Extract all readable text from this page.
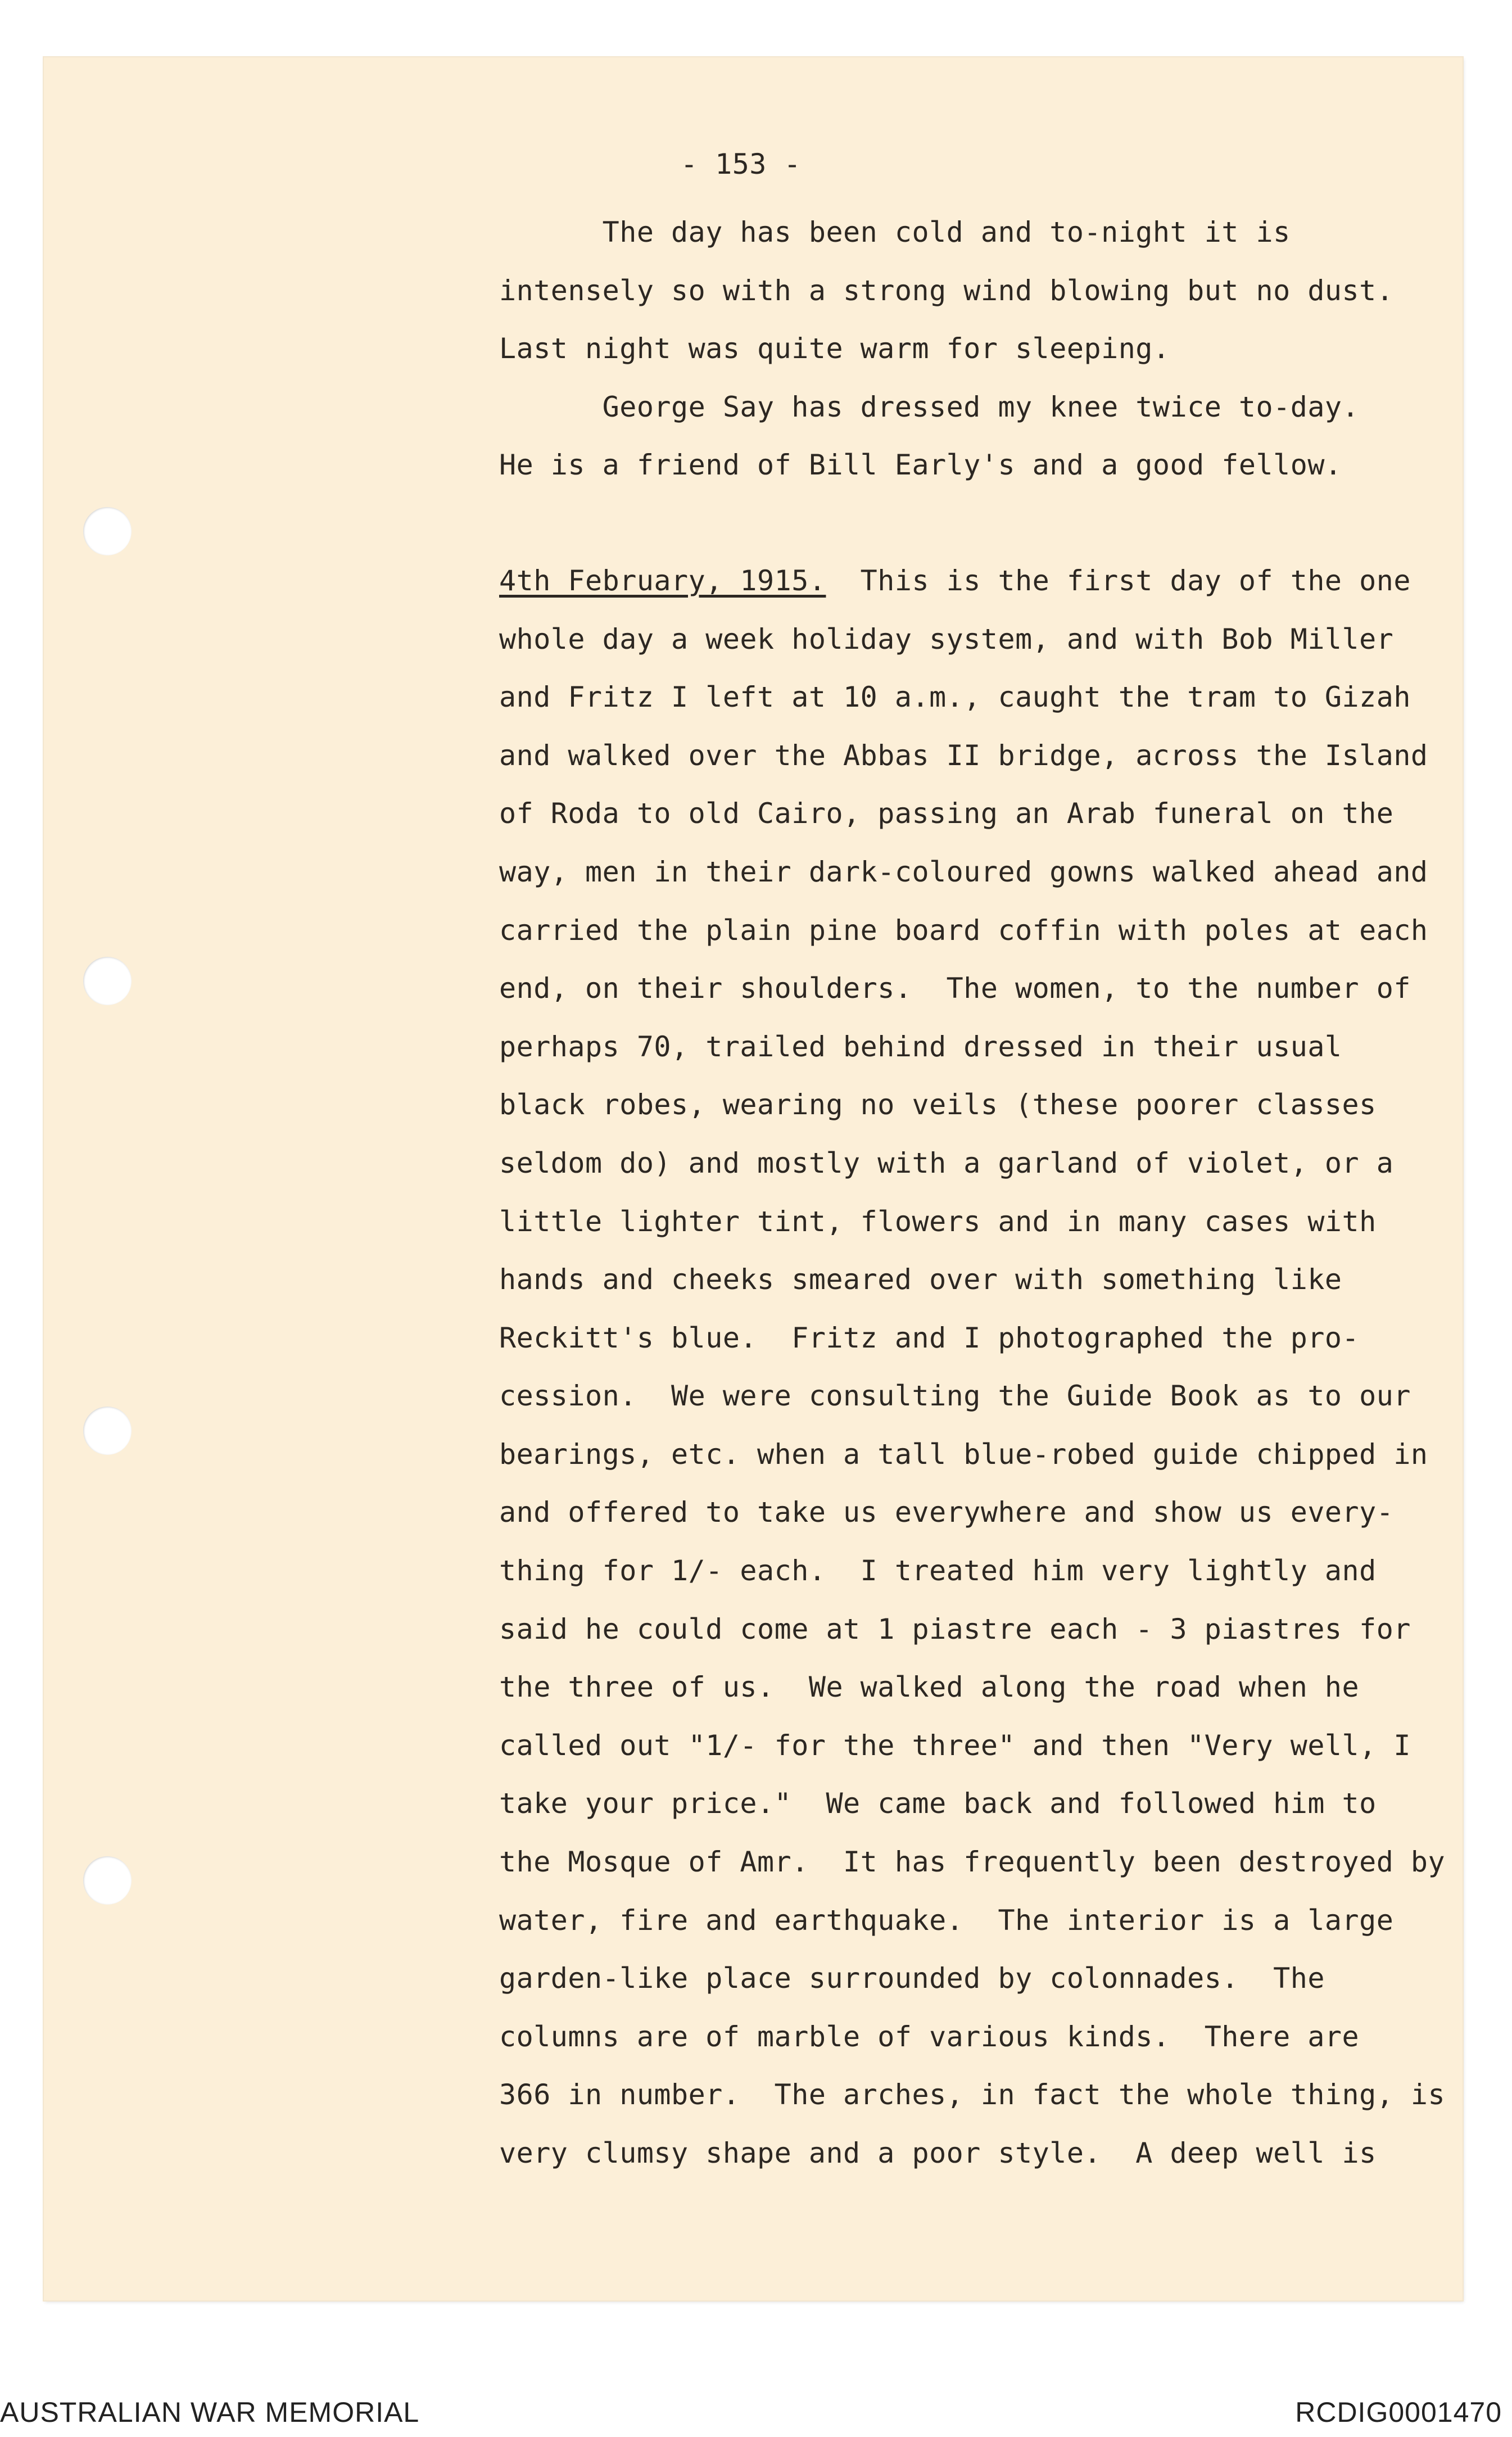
- 153 -
The day has been cold and to-night it is
intensely so with a strong wind blowing but no dust.
Last night was quite warm for sleeping.
George Say has dressed my knee twice to-day.
He is a friend of Bill Early's and a good fellow.
4th February, 1915.  This is the first day of the one
whole day a week holiday system, and with Bob Miller
and Fritz I left at 10 a.m., caught the tram to Gizah
and walked over the Abbas II bridge, across the Island
of Roda to old Cairo, passing an Arab funeral on the
way, men in their dark-coloured gowns walked ahead and
carried the plain pine board coffin with poles at each
end, on their shoulders.  The women, to the number of
perhaps 70, trailed behind dressed in their usual
black robes, wearing no veils (these poorer classes
seldom do) and mostly with a garland of violet, or a
little lighter tint, flowers and in many cases with
hands and cheeks smeared over with something like
Reckitt's blue.  Fritz and I photographed the pro-
cession.  We were consulting the Guide Book as to our
bearings, etc. when a tall blue-robed guide chipped in
and offered to take us everywhere and show us every-
thing for 1/- each.  I treated him very lightly and
said he could come at 1 piastre each - 3 piastres for
the three of us.  We walked along the road when he
called out "1/- for the three" and then "Very well, I
take your price."  We came back and followed him to
the Mosque of Amr.  It has frequently been destroyed by
water, fire and earthquake.  The interior is a large
garden-like place surrounded by colonnades.  The
columns are of marble of various kinds.  There are
366 in number.  The arches, in fact the whole thing, is
very clumsy shape and a poor style.  A deep well is
AUSTRALIAN WAR MEMORIAL	RCDIG0001470
